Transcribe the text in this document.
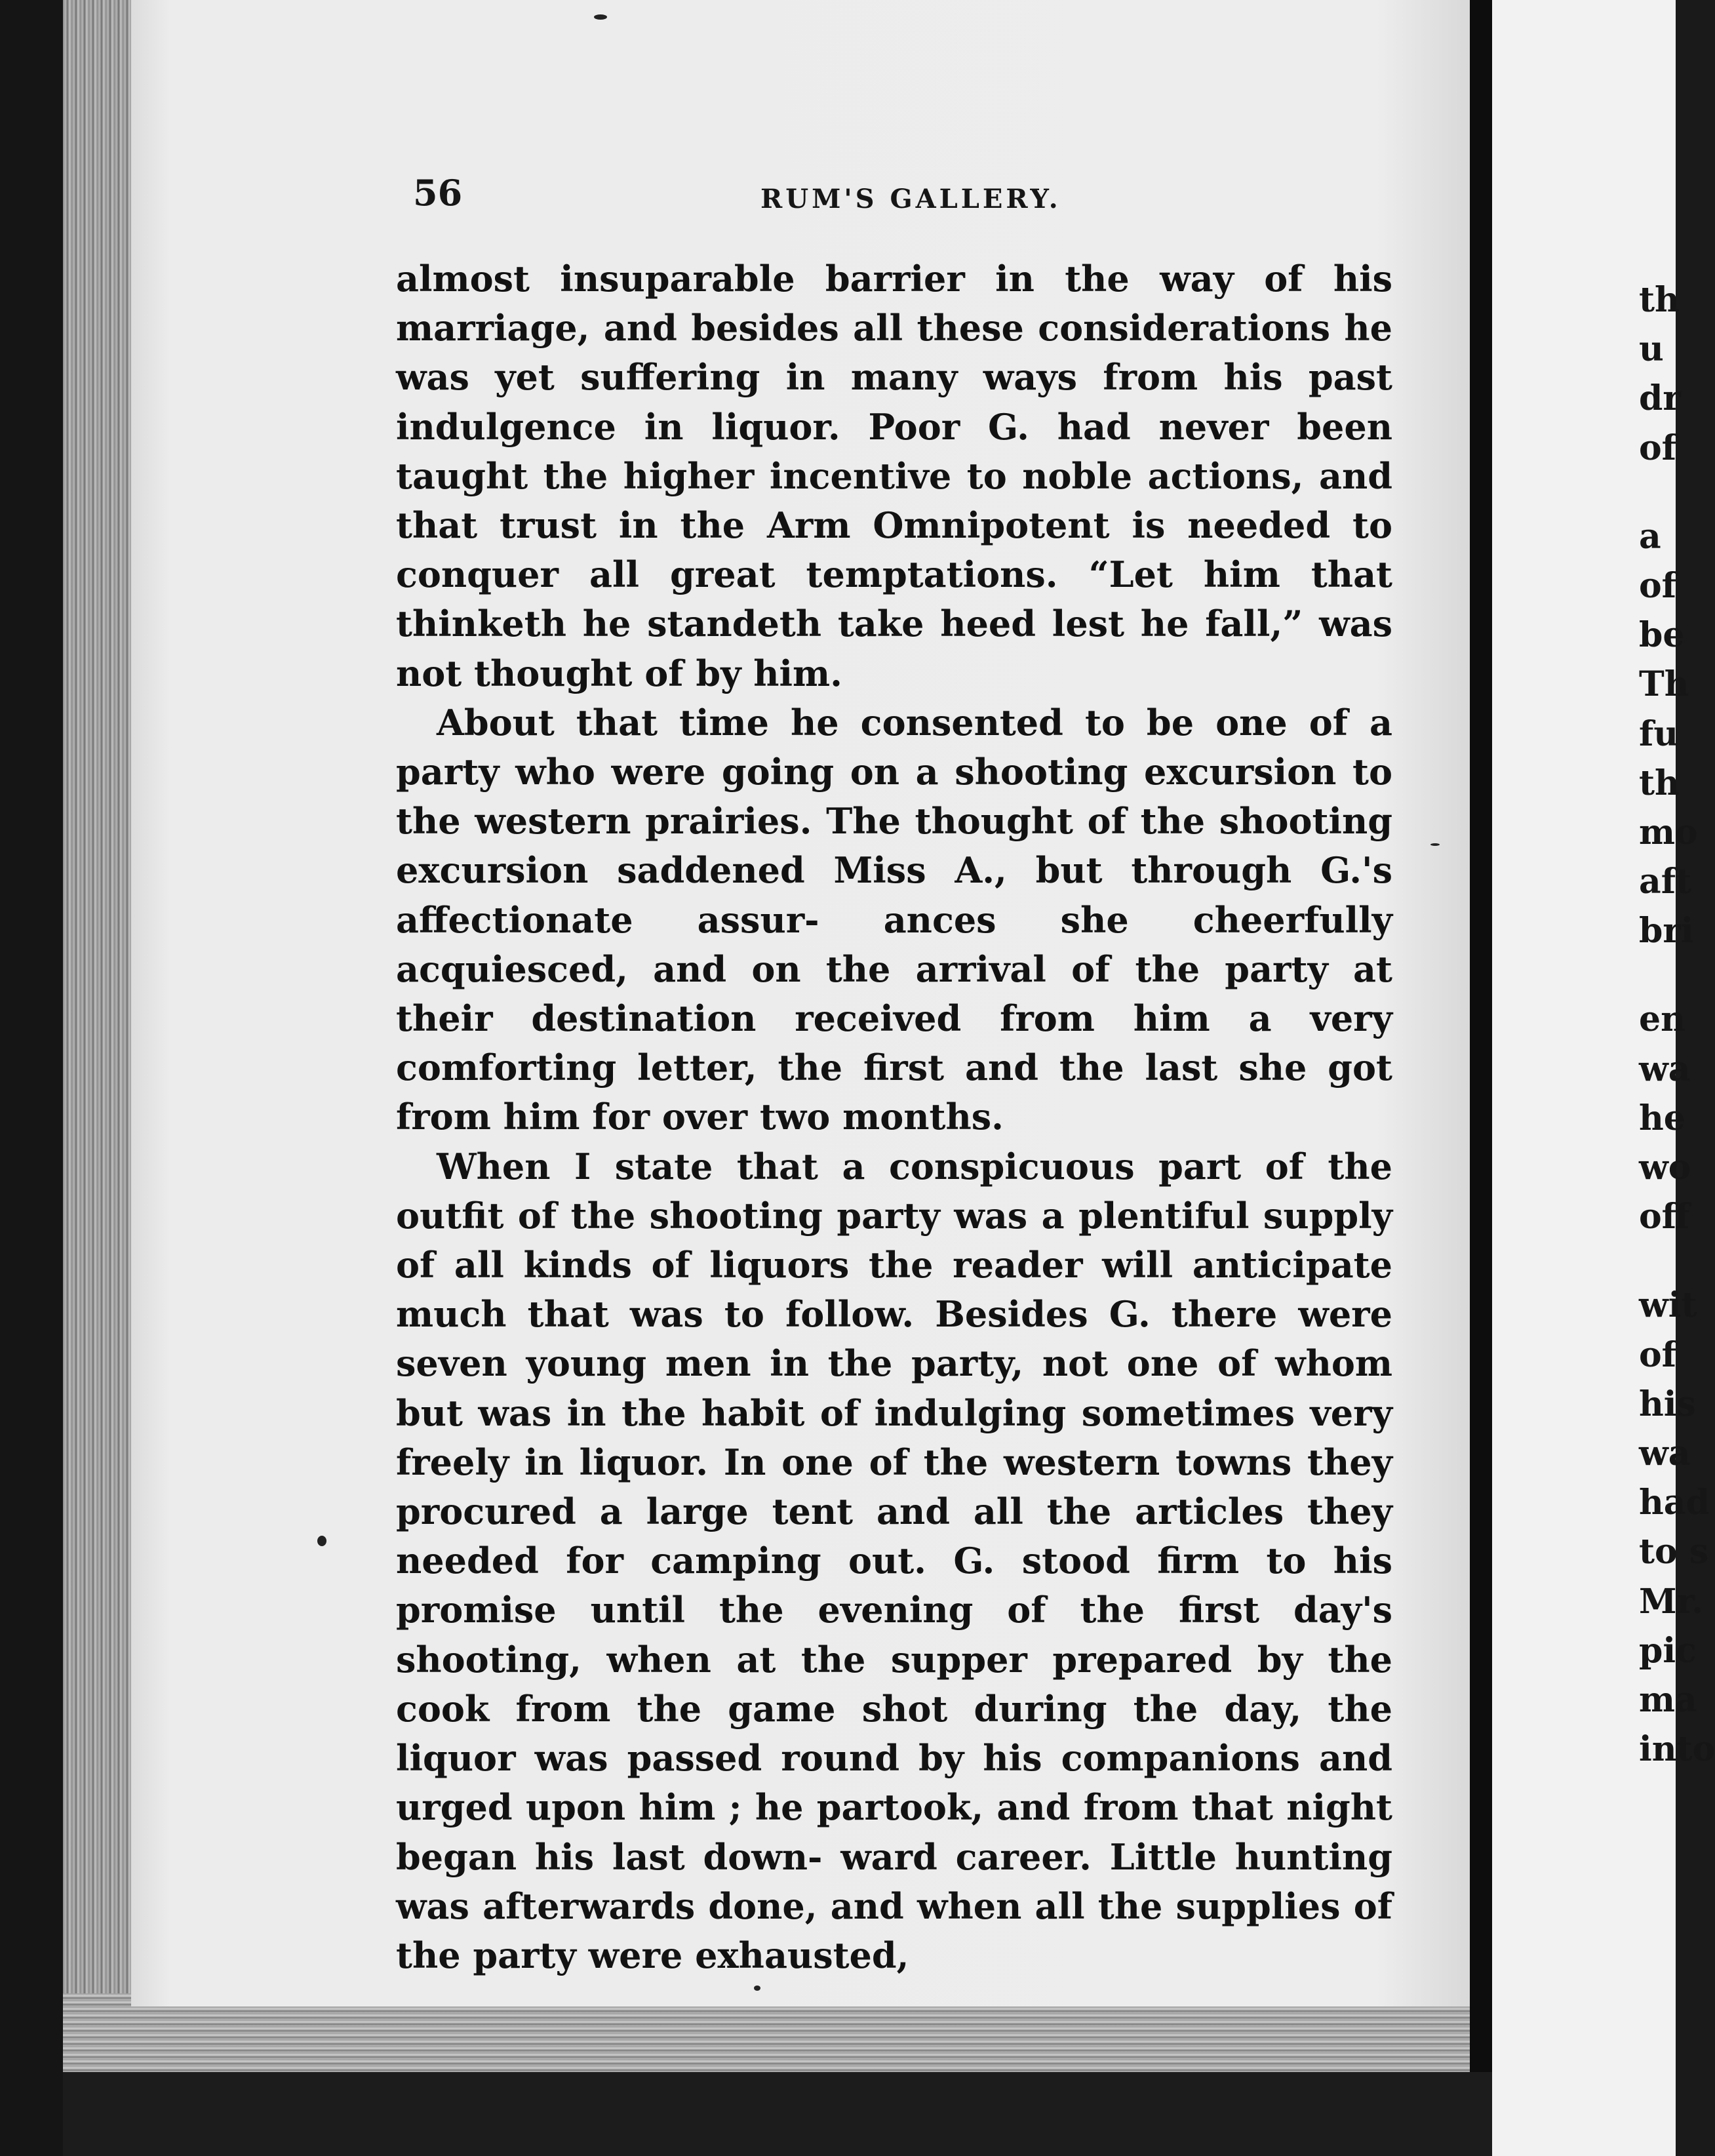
56	RUM'S GALLERY.

almost insuparable barrier in the way of his marriage, and besides all these considerations he was yet suffering in many ways from his past indulgence in liquor. Poor G. had never been taught the higher incentive to noble actions, and that trust in the Arm Omnipotent is needed to conquer all great temptations. “Let him that thinketh he standeth take heed lest he fall,” was not thought of by him.

About that time he consented to be one of a party who were going on a shooting excursion to the western prairies. The thought of the shooting excursion saddened Miss A., but through G.'s affectionate assur- ances she cheerfully acquiesced, and on the arrival of the party at their destination received from him a very comforting letter, the first and the last she got from him for over two months.

When I state that a conspicuous part of the outfit of the shooting party was a plentiful supply of all kinds of liquors the reader will anticipate much that was to follow. Besides G. there were seven young men in the party, not one of whom but was in the habit of indulging sometimes very freely in liquor. In one of the western towns they procured a large tent and all the articles they needed for camping out. G. stood firm to his promise until the evening of the first day's shooting, when at the supper prepared by the cook from the game shot during the day, the liquor was passed round by his companions and urged upon him ; he partook, and from that night began his last down- ward career. Little hunting was afterwards done, and when all the supplies of the party were exhausted,

th
u
dr
of
a
of
be
Th
fu
th
mo
aft
bri
en
wa
he
wo
off
wit
of
his
wa
had
to s
Mr.
pic
ma
into
